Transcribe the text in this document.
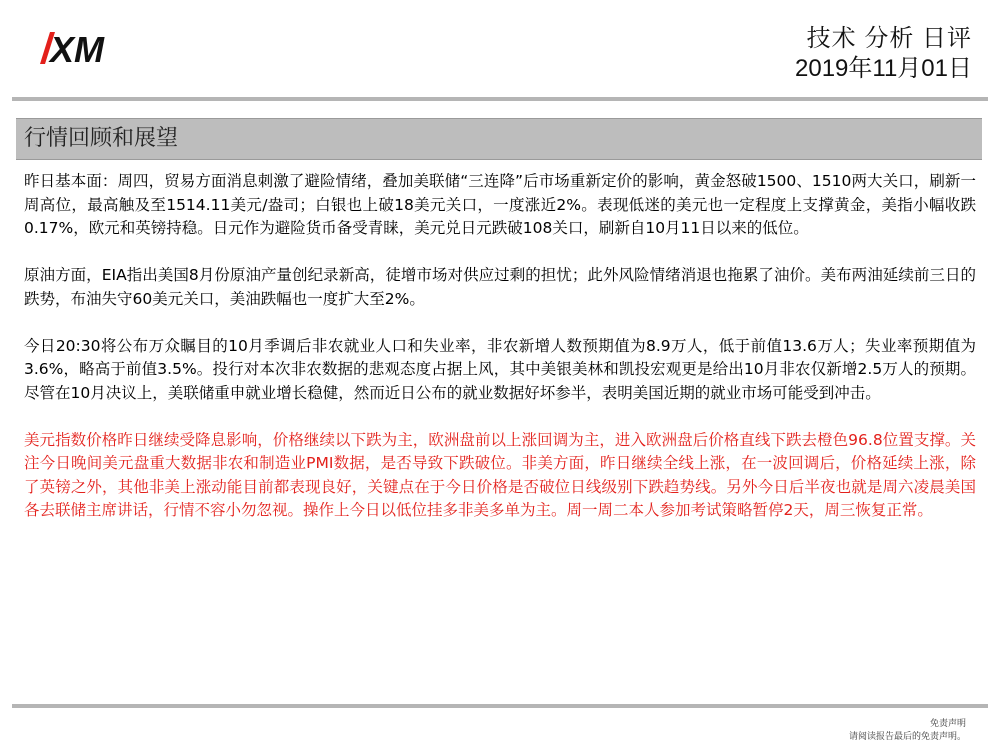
XM	技术 分析 日评
2019年11月01日
行情回顾和展望

昨日基本面：周四，贸易方面消息刺激了避险情绪，叠加美联储“三连降”后市场重新定价的影响，黄金怒破1500、1510两大关口，刷新一周高位，最高触及至1514.11美元/盎司；白银也上破18美元关口，一度涨近2%。表现低迷的美元也一定程度上支撑黄金，美指小幅收跌0.17%，欧元和英镑持稳。日元作为避险货币备受青睐，美元兑日元跌破108关口，刷新自10月11日以来的低位。

原油方面，EIA指出美国8月份原油产量创纪录新高，徒增市场对供应过剩的担忧；此外风险情绪消退也拖累了油价。美布两油延续前三日的跌势，布油失守60美元关口，美油跌幅也一度扩大至2%。

今日20:30将公布万众瞩目的10月季调后非农就业人口和失业率，非农新增人数预期值为8.9万人，低于前值13.6万人；失业率预期值为3.6%，略高于前值3.5%。投行对本次非农数据的悲观态度占据上风，其中美银美林和凯投宏观更是给出10月非农仅新增2.5万人的预期。尽管在10月决议上，美联储重申就业增长稳健，然而近日公布的就业数据好坏参半，表明美国近期的就业市场可能受到冲击。

美元指数价格昨日继续受降息影响，价格继续以下跌为主，欧洲盘前以上涨回调为主，进入欧洲盘后价格直线下跌去橙色96.8位置支撑。关注今日晚间美元盘重大数据非农和制造业PMI数据，是否导致下跌破位。非美方面，昨日继续全线上涨，在一波回调后，价格延续上涨，除了英镑之外，其他非美上涨动能目前都表现良好，关键点在于今日价格是否破位日线级别下跌趋势线。另外今日后半夜也就是周六凌晨美国各去联储主席讲话，行情不容小勿忽视。操作上今日以低位挂多非美多单为主。周一周二本人参加考试策略暂停2天，周三恢复正常。

免责声明
请阅读报告最后的免责声明。
